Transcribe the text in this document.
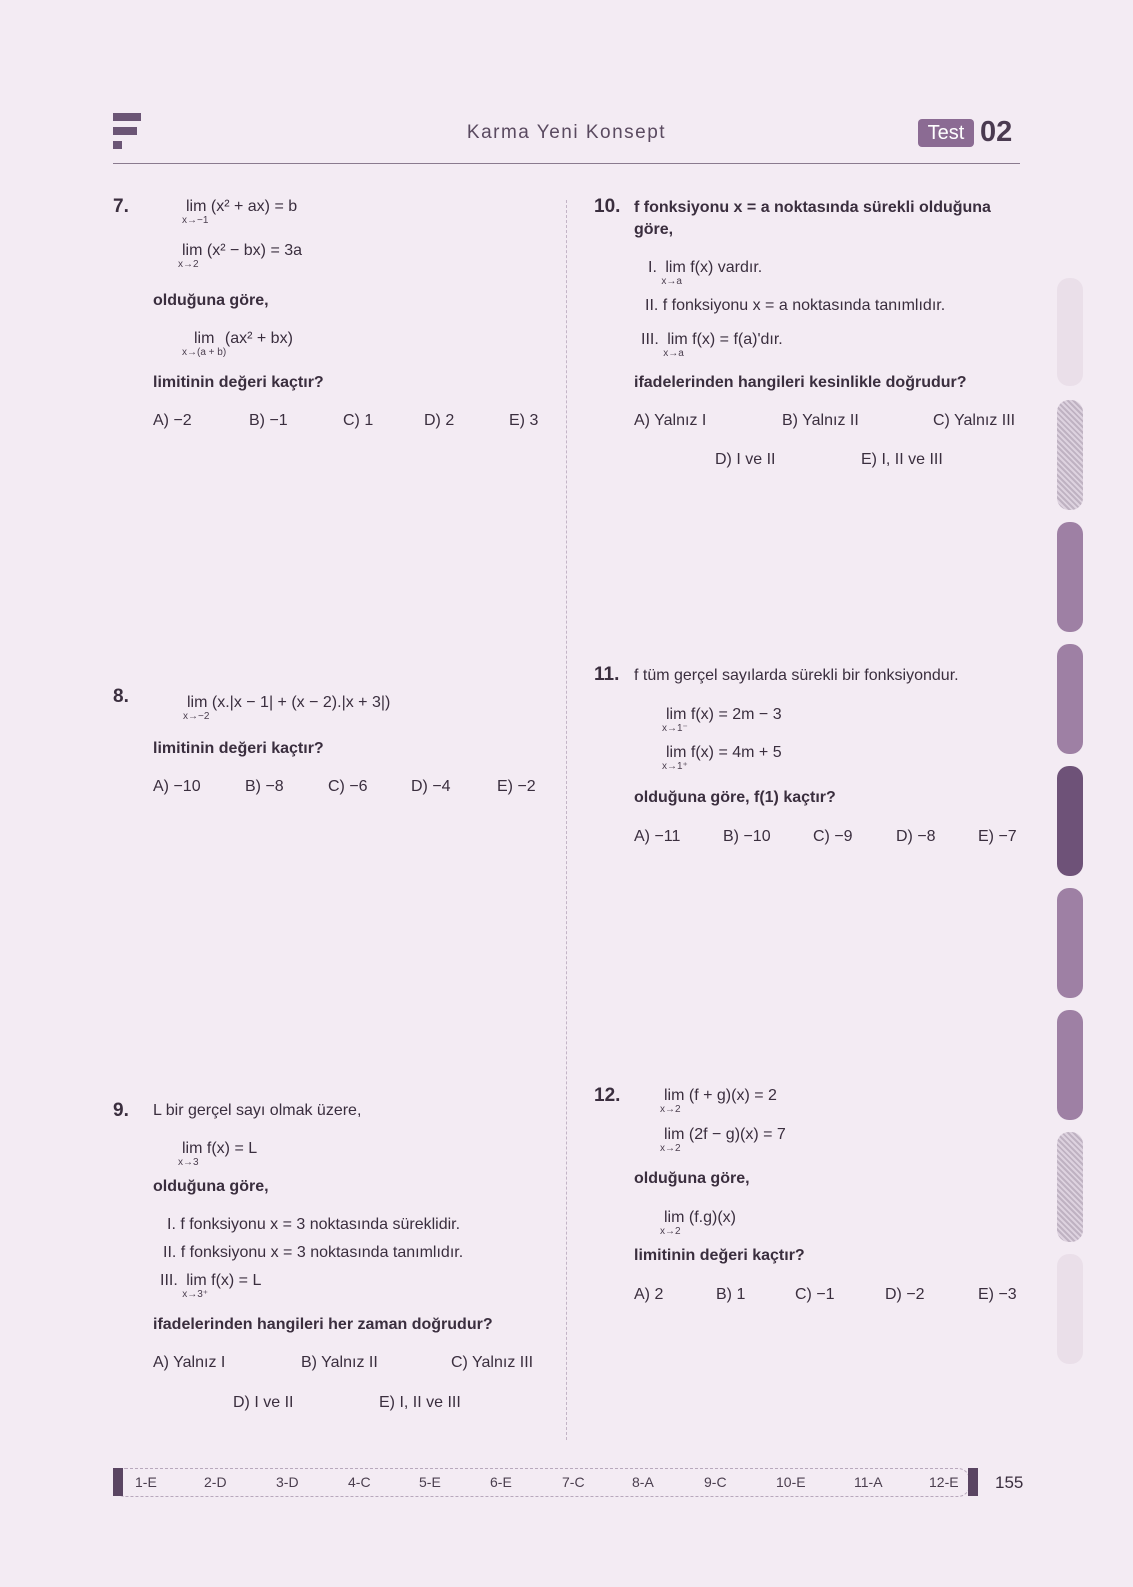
Karma Yeni Konsept	Test 02
7.	lim
x→−1
(x² + ax) = b
lim
x→2
(x² − bx) = 3a
olduğuna göre,
lim
x→(a + b)
(ax² + bx)
limitinin değeri kaçtır?
A) −2	B) −1	C) 1	D) 2	E) 3
8.	lim
x→−2
(x.|x − 1| + (x − 2).|x + 3|)
limitinin değeri kaçtır?
A) −10	B) −8	C) −6	D) −4	E) −2
9. L bir gerçel sayı olmak üzere,
lim
x→3
f(x) = L
olduğuna göre,
I. f fonksiyonu x = 3 noktasında süreklidir.
II. f fonksiyonu x = 3 noktasında tanımlıdır.
III. lim
x→3⁺
f(x) = L
ifadelerinden hangileri her zaman doğrudur?
A) Yalnız I	B) Yalnız II	C) Yalnız III
D) I ve II	E) I, II ve III
10. f fonksiyonu x = a noktasında sürekli olduğuna
göre,
I. lim
x→a
f(x) vardır.
II. f fonksiyonu x = a noktasında tanımlıdır.
III. lim
x→a
f(x) = f(a)'dır.
ifadelerinden hangileri kesinlikle doğrudur?
A) Yalnız I	B) Yalnız II	C) Yalnız III
D) I ve II	E) I, II ve III
11. f tüm gerçel sayılarda sürekli bir fonksiyondur.
lim
x→1⁻
f(x) = 2m − 3
lim
x→1⁺
f(x) = 4m + 5
olduğuna göre, f(1) kaçtır?
A) −11	B) −10	C) −9	D) −8	E) −7
12.	lim
x→2
(f + g)(x) = 2
lim
x→2
(2f − g)(x) = 7
olduğuna göre,
lim
x→2
(f.g)(x)
limitinin değeri kaçtır?
A) 2	B) 1	C) −1	D) −2	E) −3
1-E	2-D	3-D	4-C	5-E	6-E	7-C	8-A	9-C	10-E	11-A	12-E 155
